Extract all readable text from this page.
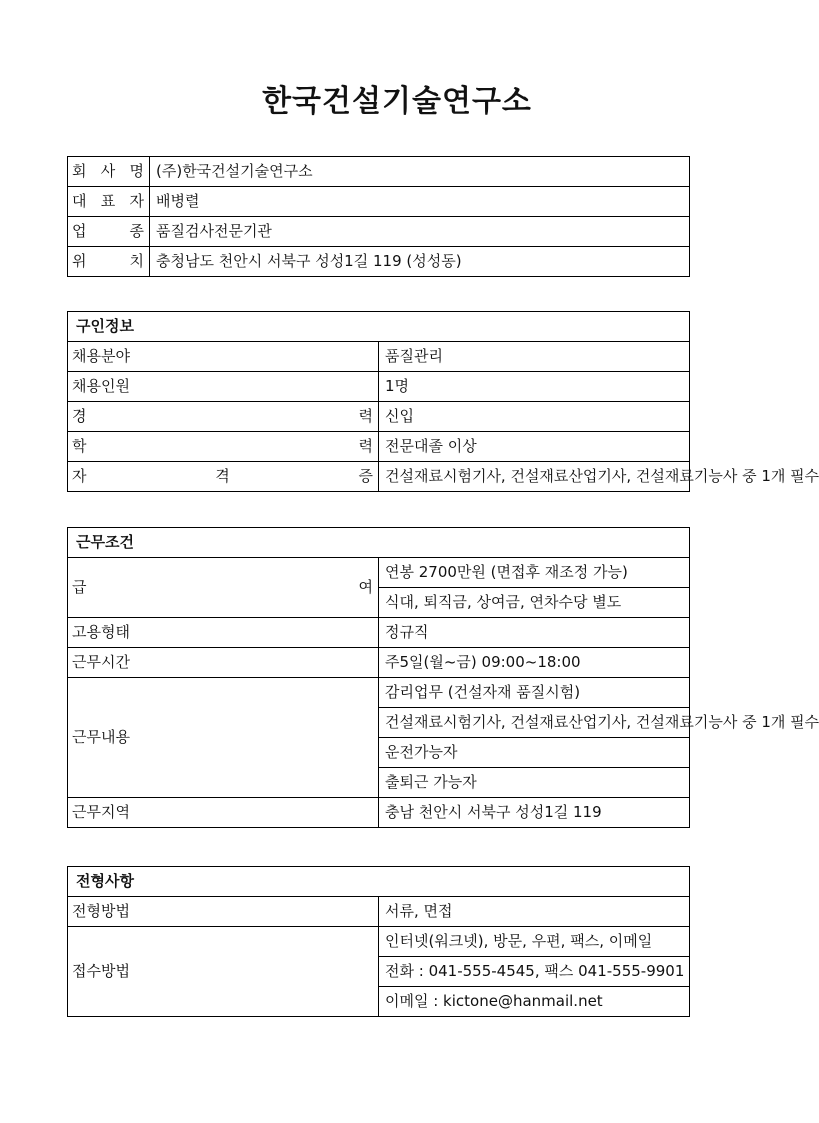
한국건설기술연구소
회 사 명	(주)한국건설기술연구소

대 표 자	배병렬

업 종	품질검사전문기관

위 치	충청남도 천안시 서북구 성성1길 119 (성성동)
구인정보	
채용분야	품질관리
채용인원	1명

경 력	신입

학 력	전문대졸 이상

자 격 증	건설재료시험기사, 건설재료산업기사, 건설재료기능사 중 1개 필수
근무조건	

급 여	연봉 2700만원 (면접후 재조정 가능)
	식대, 퇴직금, 상여금, 연차수당 별도
고용형태	정규직
근무시간	주5일(월~금) 09:00~18:00
근무내용	감리업무 (건설자재 품질시험)
	건설재료시험기사, 건설재료산업기사, 건설재료기능사 중 1개 필수
	운전가능자
	출퇴근 가능자
근무지역	충남 천안시 서북구 성성1길 119
전형사항	
전형방법	서류, 면접
접수방법	인터넷(워크넷), 방문, 우편, 팩스, 이메일
	전화 : 041-555-4545, 팩스 041-555-9901
	이메일 : kictone@hanmail.net
